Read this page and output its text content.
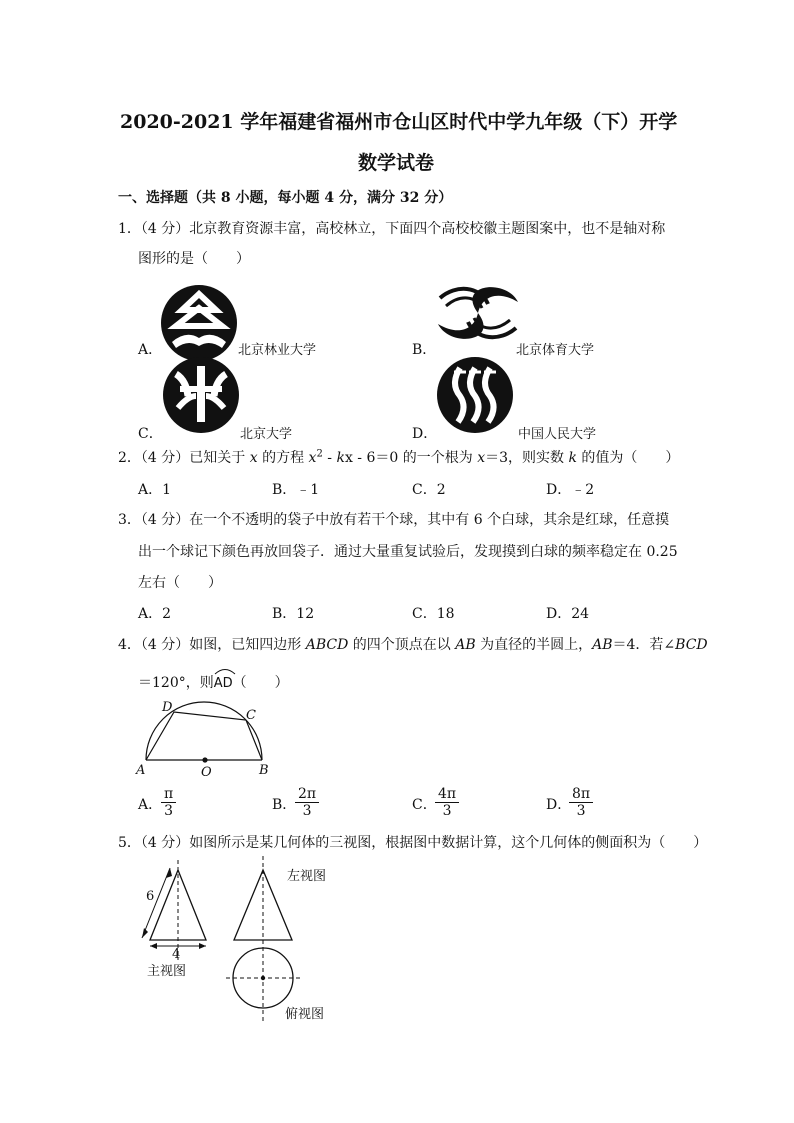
2020-2021 学年福建省福州市仓山区时代中学九年级（下）开学
数学试卷
一、选择题（共 8 小题，每小题 4 分，满分 32 分）
1．（4 分）北京教育资源丰富，高校林立，下面四个高校校徽主题图案中，也不是轴对称
图形的是（　　）
A．	北京林业大学	B．	北京体育大学
C．	北京大学	D．	中国人民大学
2．（4 分）已知关于 x 的方程 $x^2$ - kx - 6＝0 的一个根为 x＝3，则实数 k 的值为（　　）
A．1	B．﹣1	C．2	D．﹣2
3．（4 分）在一个不透明的袋子中放有若干个球，其中有 6 个白球，其余是红球，任意摸
出一个球记下颜色再放回袋子．通过大量重复试验后，发现摸到白球的频率稳定在 0.25
左右（　　）
A．2	B．12	C．18	D．24
4．（4 分）如图，已知四边形 ABCD 的四个顶点在以 AB 为直径的半圆上，AB＝4．若∠BCD
＝120°，则
AD（　　）
D
C
A	O	B
A．
$\frac{\pi}{3}$	B．
$\frac{2\pi}{3}$	C．
$\frac{4\pi}{3}$	D．
$\frac{8\pi}{3}$
5．（4 分）如图所示是某几何体的三视图，根据图中数据计算，这个几何体的侧面积为（　　）
6
4
主视图
左视图
俯视图
